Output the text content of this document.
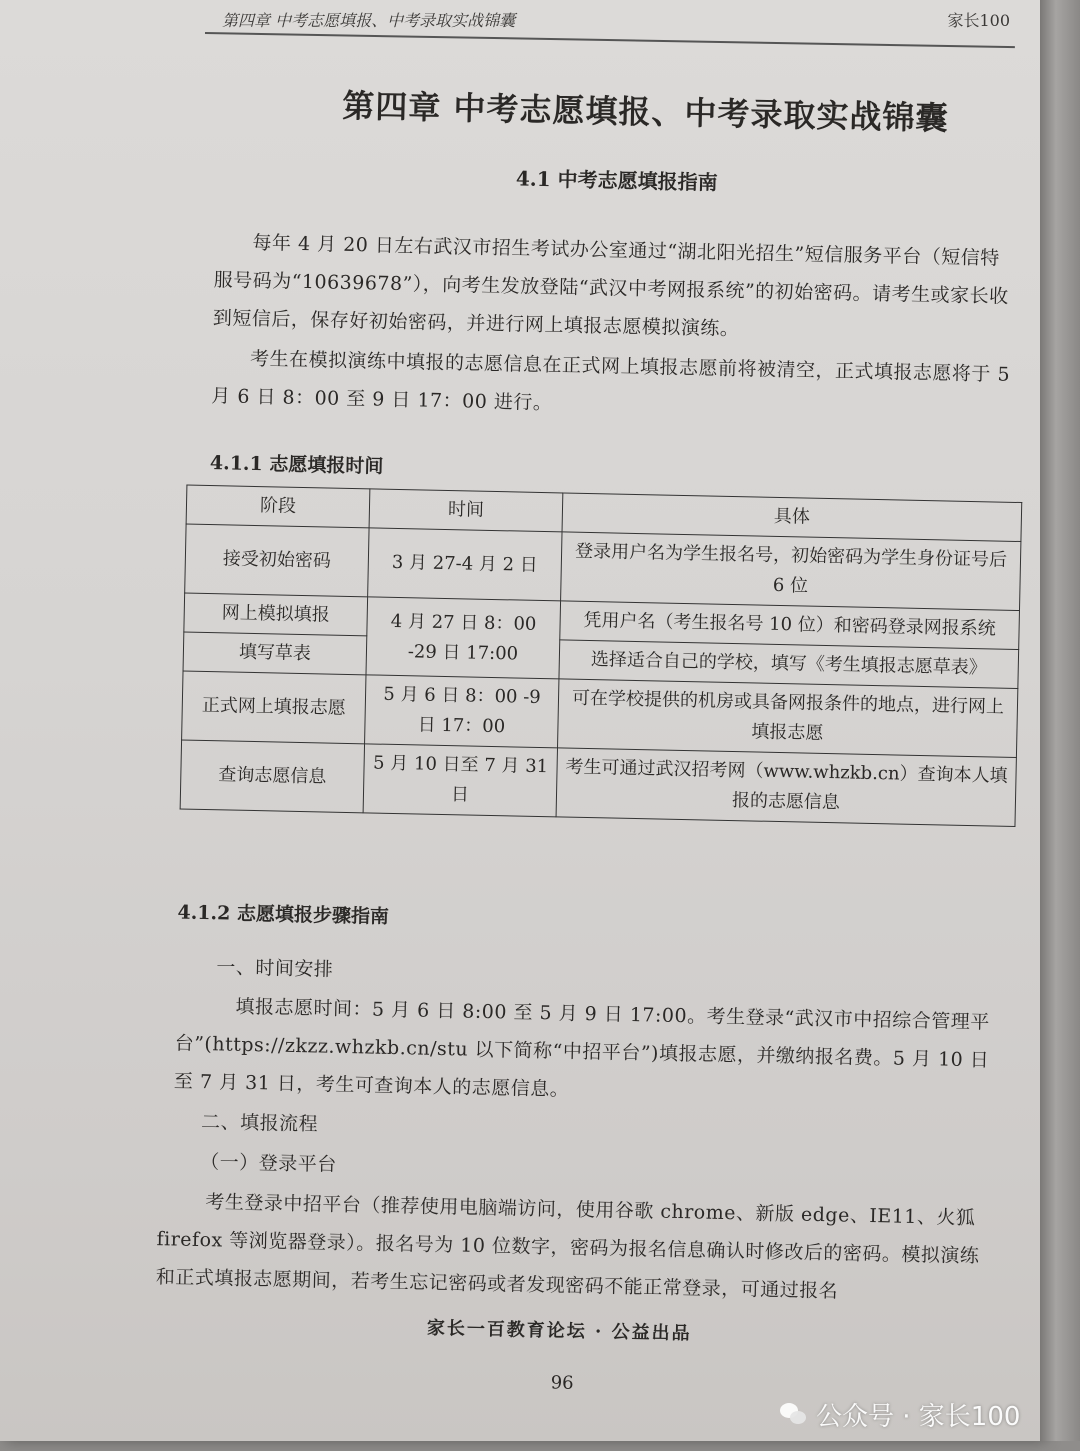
第四章 中考志愿填报、中考录取实战锦囊	家长100
第四章 中考志愿填报、中考录取实战锦囊
4.1 中考志愿填报指南
每年 4 月 20 日左右武汉市招生考试办公室通过“湖北阳光招生”短信服务平台（短信特服号码为“10639678”），向考生发放登陆“武汉中考网报系统”的初始密码。请考生或家长收到短信后，保存好初始密码，并进行网上填报志愿模拟演练。
考生在模拟演练中填报的志愿信息在正式网上填报志愿前将被清空，正式填报志愿将于 5 月 6 日 8：00 至 9 日 17：00 进行。
4.1.1 志愿填报时间
阶段	时间	具体
接受初始密码	3 月 27-4 月 2 日	登录用户名为学生报名号，初始密码为学生身份证号后 6 位
网上模拟填报	4 月 27 日 8：00 -29 日 17:00	凭用户名（考生报名号 10 位）和密码登录网报系统
填写草表		选择适合自己的学校，填写《考生填报志愿草表》
正式网上填报志愿	5 月 6 日 8：00 -9 日 17：00	可在学校提供的机房或具备网报条件的地点，进行网上填报志愿
查询志愿信息	5 月 10 日至 7 月 31 日	考生可通过武汉招考网（www.whzkb.cn）查询本人填报的志愿信息
4.1.2 志愿填报步骤指南
一、时间安排
填报志愿时间：5 月 6 日 8:00 至 5 月 9 日 17:00。考生登录“武汉市中招综合管理平台”(https://zkzz.whzkb.cn/stu 以下简称“中招平台”)填报志愿，并缴纳报名费。5 月 10 日至 7 月 31 日，考生可查询本人的志愿信息。
二、填报流程
（一）登录平台
考生登录中招平台（推荐使用电脑端访问，使用谷歌 chrome、新版 edge、IE11、火狐 firefox 等浏览器登录）。报名号为 10 位数字，密码为报名信息确认时修改后的密码。模拟演练和正式填报志愿期间，若考生忘记密码或者发现密码不能正常登录，可通过报名
家长一百教育论坛 · 公益出品
96
公众号 · 家长100
